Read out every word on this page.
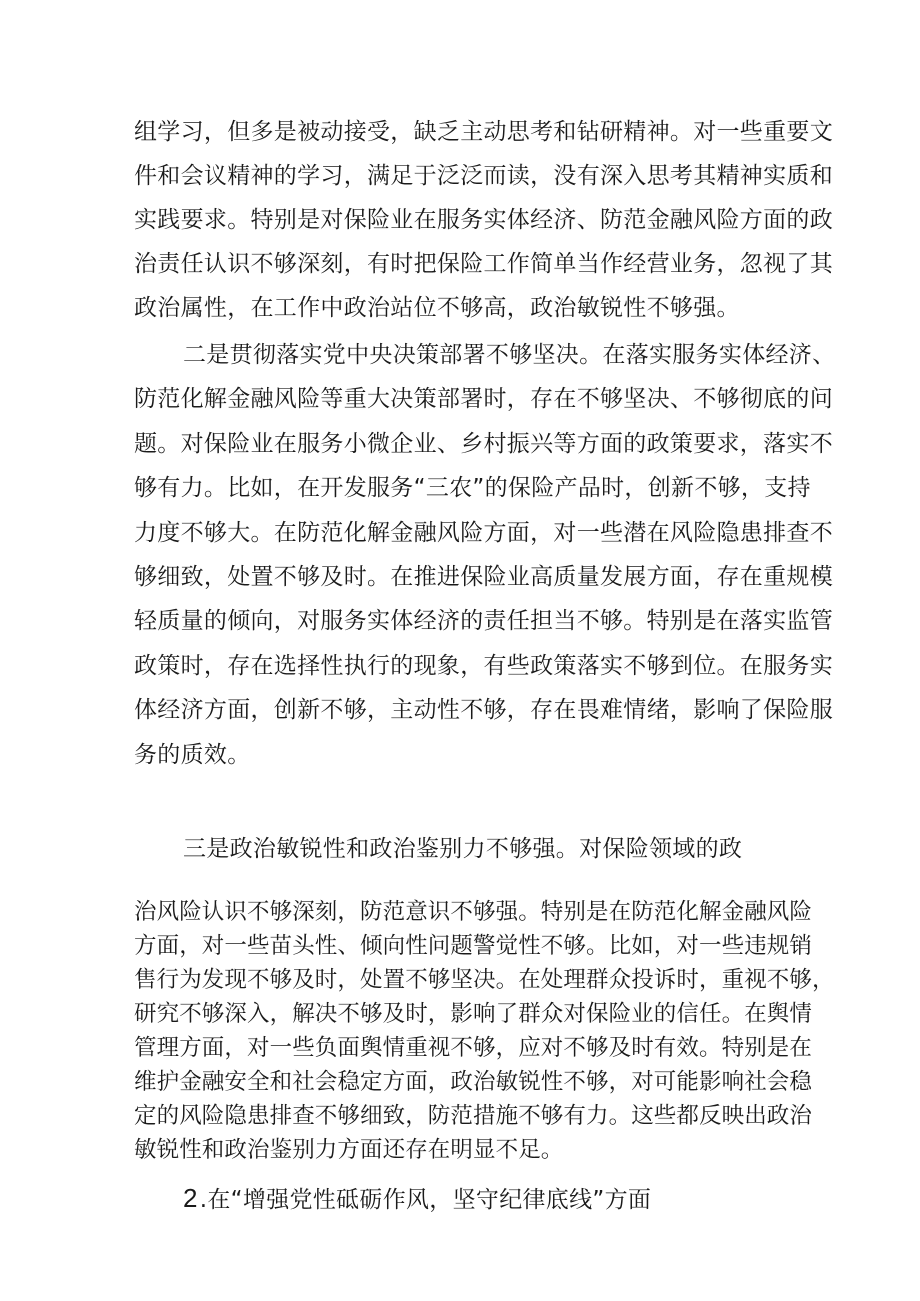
组学习，但多是被动接受，缺乏主动思考和钻研精神。对一些重要文
件和会议精神的学习，满足于泛泛而读，没有深入思考其精神实质和
实践要求。特别是对保险业在服务实体经济、防范金融风险方面的政
治责任认识不够深刻，有时把保险工作简单当作经营业务，忽视了其
政治属性，在工作中政治站位不够高，政治敏锐性不够强。
二是贯彻落实党中央决策部署不够坚决。在落实服务实体经济、
防范化解金融风险等重大决策部署时，存在不够坚决、不够彻底的问
题。对保险业在服务小微企业、乡村振兴等方面的政策要求，落实不
够有力。比如，在开发服务“三农”的保险产品时，创新不够，支持
力度不够大。在防范化解金融风险方面，对一些潜在风险隐患排查不
够细致，处置不够及时。在推进保险业高质量发展方面，存在重规模
轻质量的倾向，对服务实体经济的责任担当不够。特别是在落实监管
政策时，存在选择性执行的现象，有些政策落实不够到位。在服务实
体经济方面，创新不够，主动性不够，存在畏难情绪，影响了保险服
务的质效。
三是政治敏锐性和政治鉴别力不够强。对保险领域的政
治风险认识不够深刻，防范意识不够强。特别是在防范化解金融风险
方面，对一些苗头性、倾向性问题警觉性不够。比如，对一些违规销
售行为发现不够及时，处置不够坚决。在处理群众投诉时，重视不够，
研究不够深入，解决不够及时，影响了群众对保险业的信任。在舆情
管理方面，对一些负面舆情重视不够，应对不够及时有效。特别是在
维护金融安全和社会稳定方面，政治敏锐性不够，对可能影响社会稳
定的风险隐患排查不够细致，防范措施不够有力。这些都反映出政治
敏锐性和政治鉴别力方面还存在明显不足。
2.在“增强党性砥砺作风，坚守纪律底线”方面
